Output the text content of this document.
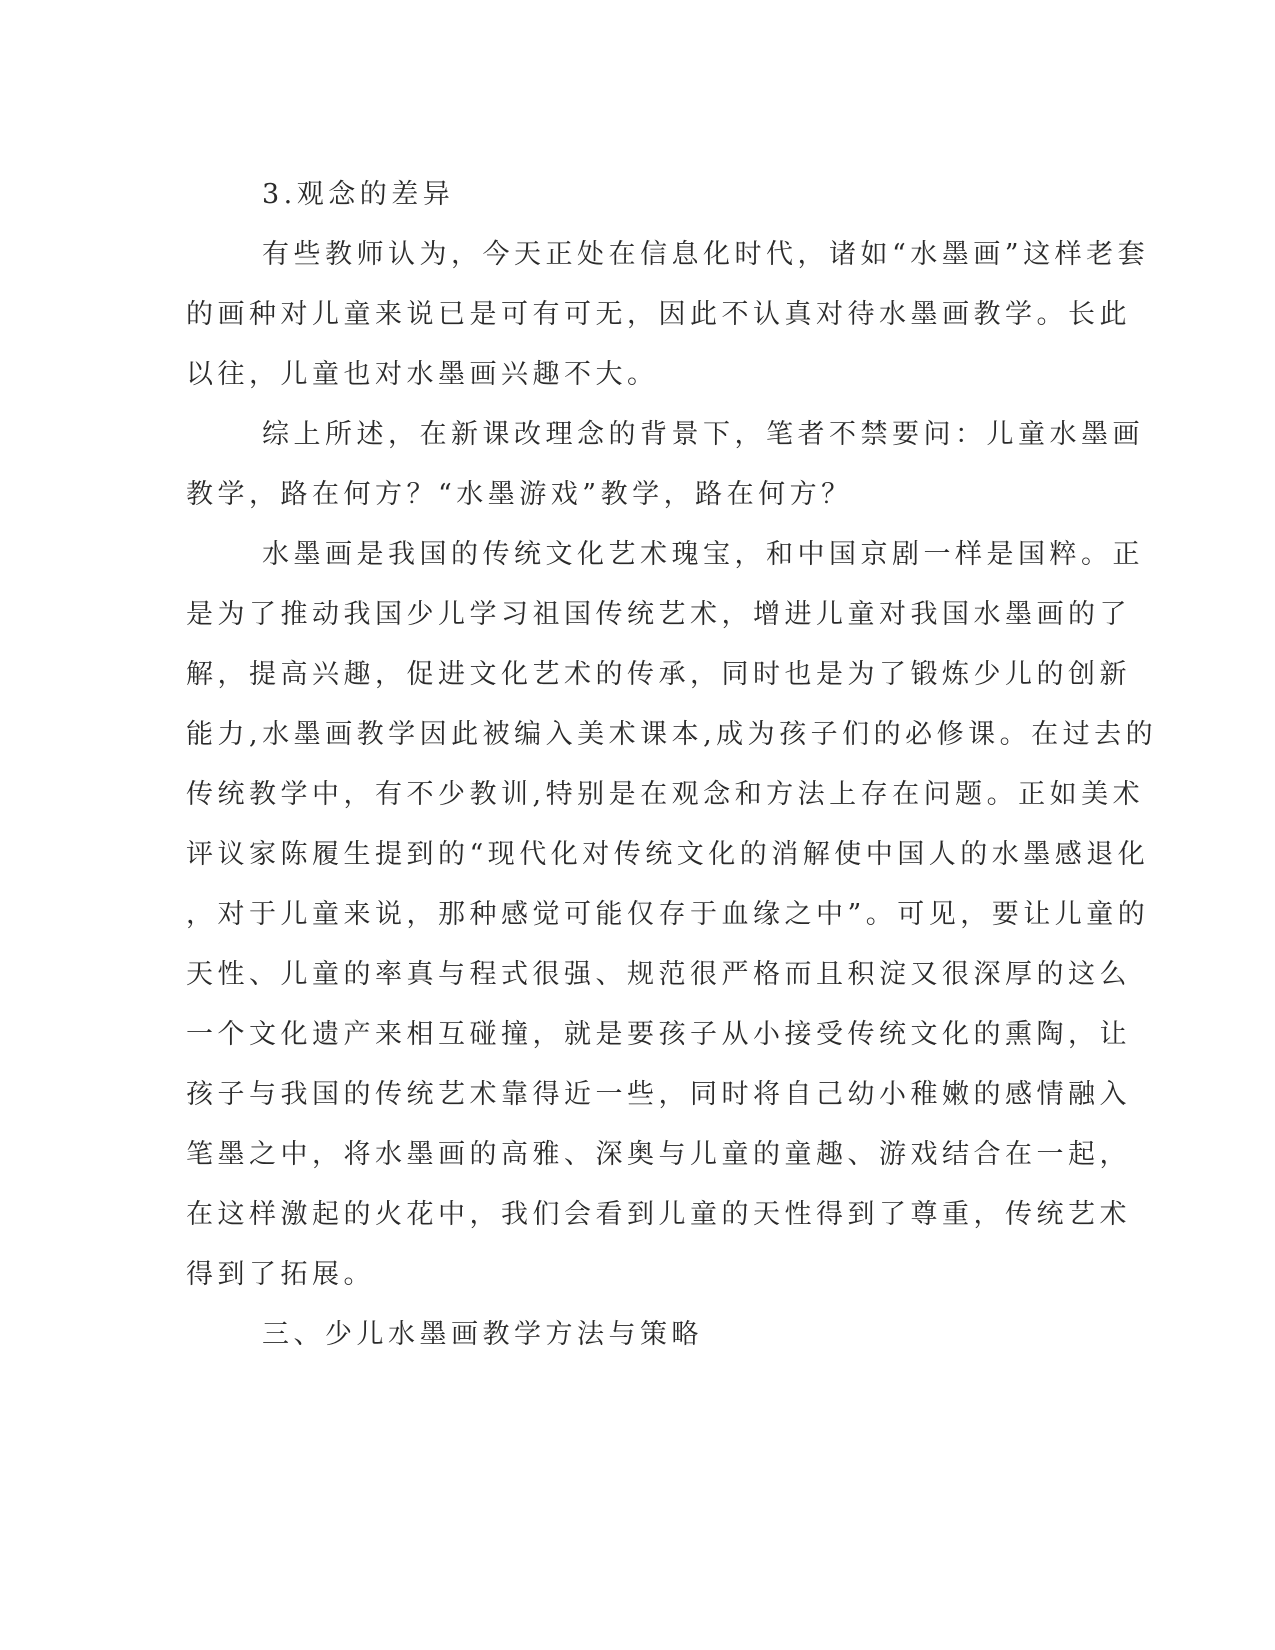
3.观念的差异
有些教师认为，今天正处在信息化时代，诸如“水墨画”这样老套
的画种对儿童来说已是可有可无，因此不认真对待水墨画教学。长此
以往，儿童也对水墨画兴趣不大。
综上所述，在新课改理念的背景下，笔者不禁要问：儿童水墨画
教学，路在何方？“水墨游戏”教学，路在何方？
水墨画是我国的传统文化艺术瑰宝，和中国京剧一样是国粹。正
是为了推动我国少儿学习祖国传统艺术，增进儿童对我国水墨画的了
解，提高兴趣，促进文化艺术的传承，同时也是为了锻炼少儿的创新
能力,水墨画教学因此被编入美术课本,成为孩子们的必修课。在过去的
传统教学中，有不少教训,特别是在观念和方法上存在问题。正如美术
评议家陈履生提到的“现代化对传统文化的消解使中国人的水墨感退化
，对于儿童来说，那种感觉可能仅存于血缘之中”。可见，要让儿童的
天性、儿童的率真与程式很强、规范很严格而且积淀又很深厚的这么
一个文化遗产来相互碰撞，就是要孩子从小接受传统文化的熏陶，让
孩子与我国的传统艺术靠得近一些，同时将自己幼小稚嫩的感情融入
笔墨之中，将水墨画的高雅、深奥与儿童的童趣、游戏结合在一起，
在这样激起的火花中，我们会看到儿童的天性得到了尊重，传统艺术
得到了拓展。
三、少儿水墨画教学方法与策略
